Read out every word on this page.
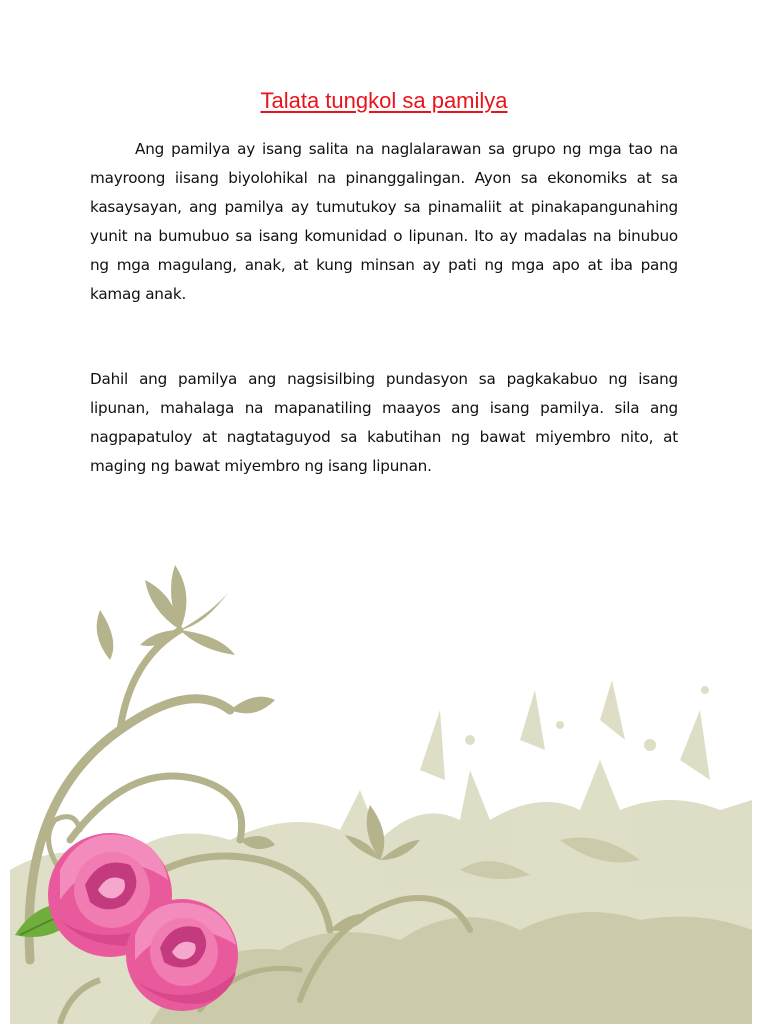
Talata tungkol sa pamilya

Ang pamilya ay isang salita na naglalarawan sa grupo ng mga tao na mayroong iisang biyolohikal na pinanggalingan. Ayon sa ekonomiks at sa kasaysayan, ang pamilya ay tumutukoy sa pinamaliit at pinakapangunahing yunit na bumubuo sa isang komunidad o lipunan. Ito ay madalas na binubuo ng mga magulang, anak, at kung minsan ay pati ng mga apo at iba pang kamag anak.

Dahil ang pamilya ang nagsisilbing pundasyon sa pagkakabuo ng isang lipunan, mahalaga na mapanatiling maayos ang isang pamilya. sila ang nagpapatuloy at nagtataguyod sa kabutihan ng bawat miyembro nito, at maging ng bawat miyembro ng isang lipunan.
